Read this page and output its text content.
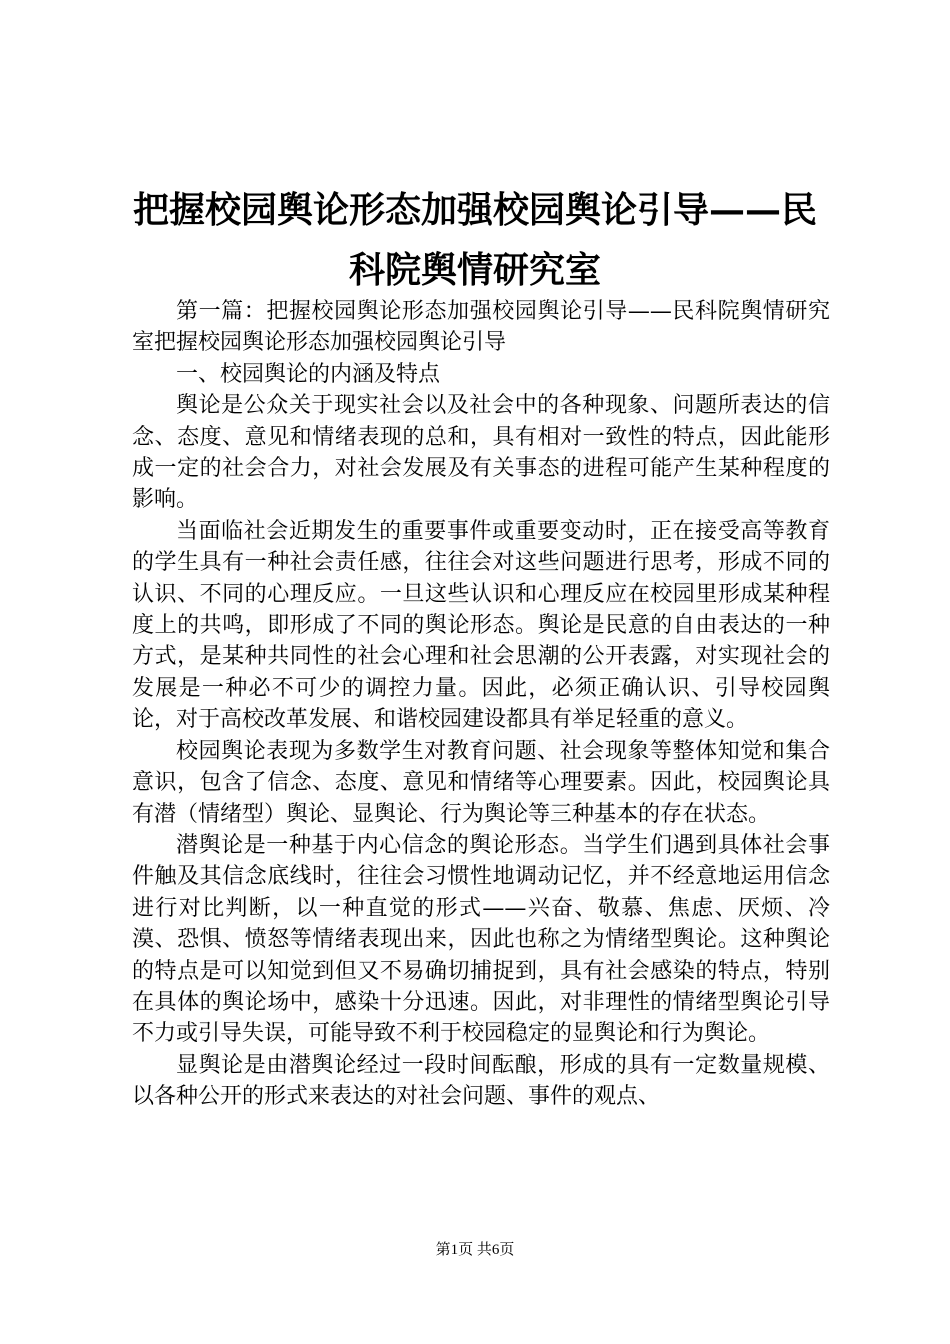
把握校园舆论形态加强校园舆论引导——民科院舆情研究室

第一篇：把握校园舆论形态加强校园舆论引导——民科院舆情研究室把握校园舆论形态加强校园舆论引导

一、校园舆论的内涵及特点

舆论是公众关于现实社会以及社会中的各种现象、问题所表达的信念、态度、意见和情绪表现的总和，具有相对一致性的特点，因此能形成一定的社会合力，对社会发展及有关事态的进程可能产生某种程度的影响。

当面临社会近期发生的重要事件或重要变动时，正在接受高等教育的学生具有一种社会责任感，往往会对这些问题进行思考，形成不同的认识、不同的心理反应。一旦这些认识和心理反应在校园里形成某种程度上的共鸣，即形成了不同的舆论形态。舆论是民意的自由表达的一种方式，是某种共同性的社会心理和社会思潮的公开表露，对实现社会的发展是一种必不可少的调控力量。因此，必须正确认识、引导校园舆论，对于高校改革发展、和谐校园建设都具有举足轻重的意义。

校园舆论表现为多数学生对教育问题、社会现象等整体知觉和集合意识，包含了信念、态度、意见和情绪等心理要素。因此，校园舆论具有潜（情绪型）舆论、显舆论、行为舆论等三种基本的存在状态。

潜舆论是一种基于内心信念的舆论形态。当学生们遇到具体社会事件触及其信念底线时，往往会习惯性地调动记忆，并不经意地运用信念进行对比判断，以一种直觉的形式——兴奋、敬慕、焦虑、厌烦、冷漠、恐惧、愤怒等情绪表现出来，因此也称之为情绪型舆论。这种舆论的特点是可以知觉到但又不易确切捕捉到，具有社会感染的特点，特别在具体的舆论场中，感染十分迅速。因此，对非理性的情绪型舆论引导不力或引导失误，可能导致不利于校园稳定的显舆论和行为舆论。

显舆论是由潜舆论经过一段时间酝酿，形成的具有一定数量规模、以各种公开的形式来表达的对社会问题、事件的观点、

第1页 共6页
